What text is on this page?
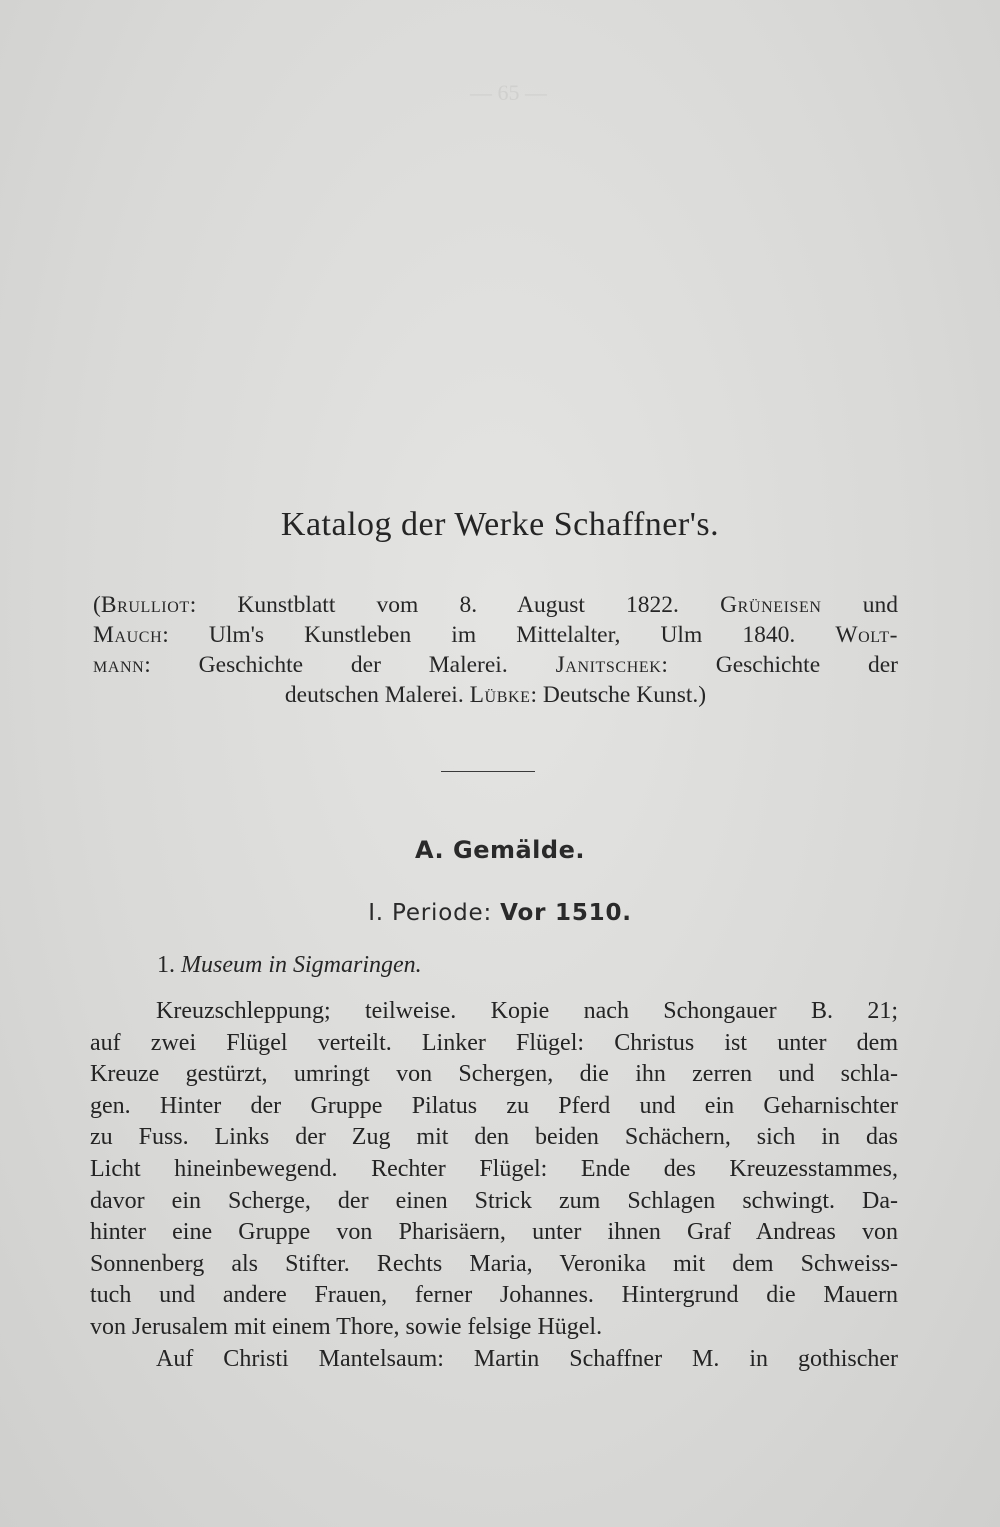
— 65 —
Katalog der Werke Schaffner's.
(Brulliot: Kunstblatt vom 8. August 1822. Grüneisen und
Mauch: Ulm's Kunstleben im Mittelalter, Ulm 1840. Wolt-
mann: Geschichte der Malerei. Janitschek: Geschichte der
deutschen Malerei. Lübke: Deutsche Kunst.)
A. Gemälde.
I. Periode: Vor 1510.
1. Museum in Sigmaringen.
Kreuzschleppung; teilweise. Kopie nach Schongauer B. 21;
auf zwei Flügel verteilt. Linker Flügel: Christus ist unter dem
Kreuze gestürzt, umringt von Schergen, die ihn zerren und schla-
gen. Hinter der Gruppe Pilatus zu Pferd und ein Geharnischter
zu Fuss. Links der Zug mit den beiden Schächern, sich in das
Licht hineinbewegend. Rechter Flügel: Ende des Kreuzesstammes,
davor ein Scherge, der einen Strick zum Schlagen schwingt. Da-
hinter eine Gruppe von Pharisäern, unter ihnen Graf Andreas von
Sonnenberg als Stifter. Rechts Maria, Veronika mit dem Schweiss-
tuch und andere Frauen, ferner Johannes. Hintergrund die Mauern
von Jerusalem mit einem Thore, sowie felsige Hügel.
Auf Christi Mantelsaum: Martin Schaffner M. in gothischer
